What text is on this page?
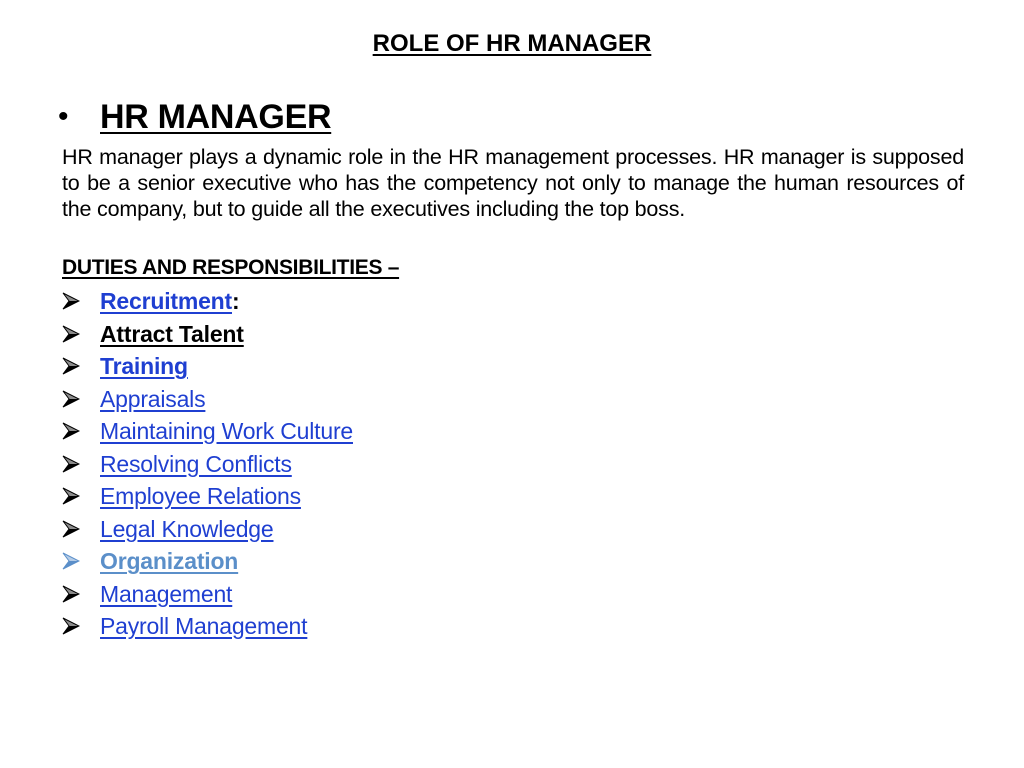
ROLE OF HR MANAGER
• HR MANAGER
HR manager plays a dynamic role in the HR management processes. HR manager is supposed to be a senior executive who has the competency not only to manage the human resources of the company, but to guide all the executives including the top boss.
DUTIES AND RESPONSIBILITIES –
Recruitment:
Attract Talent
Training
Appraisals
Maintaining Work Culture
Resolving Conflicts
Employee Relations
Legal Knowledge
Organization
Management
Payroll Management
